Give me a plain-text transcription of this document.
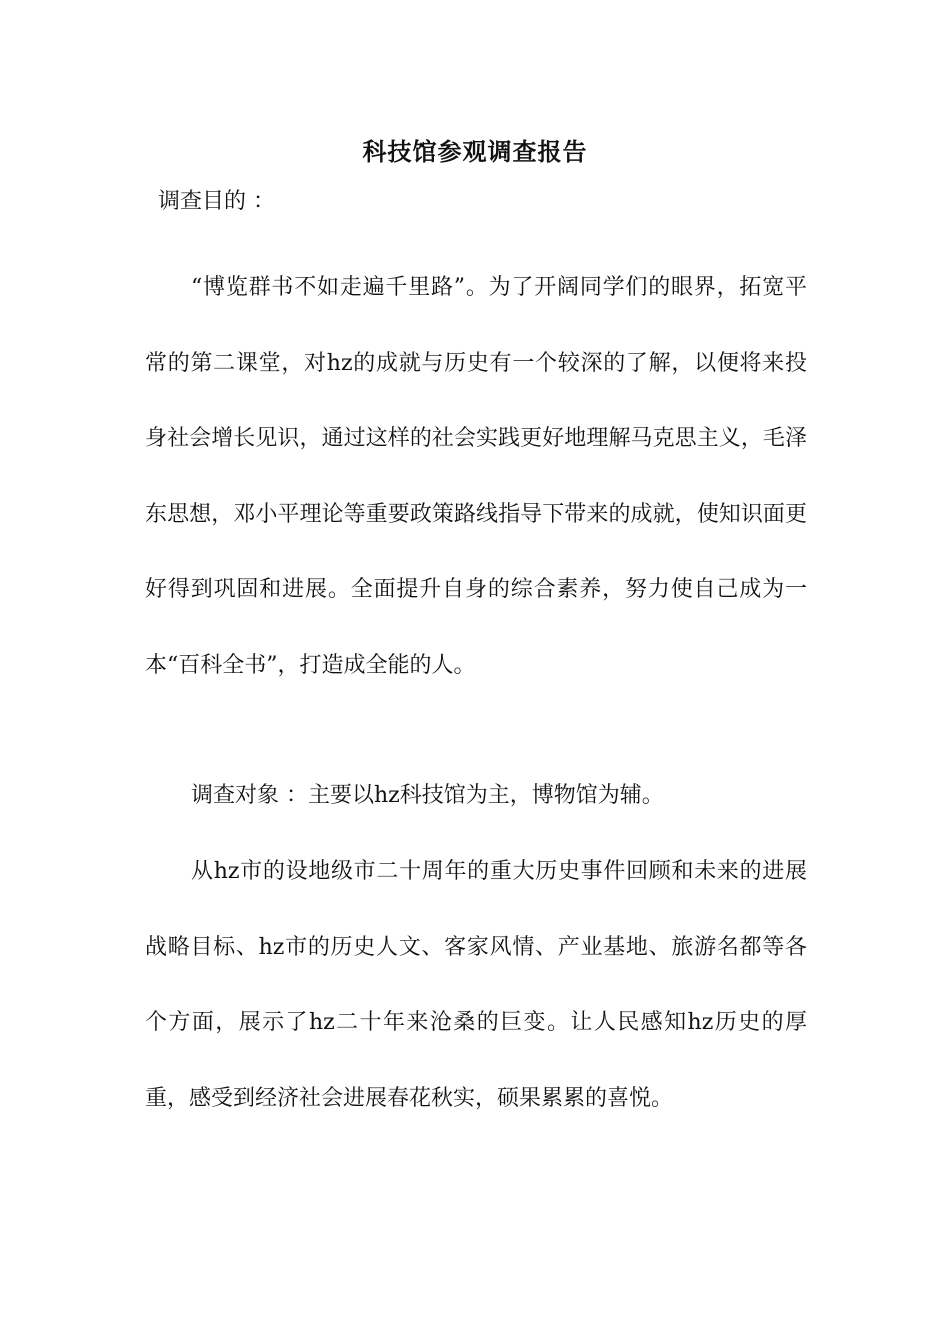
科技馆参观调查报告
调查目的 ：

“博览群书不如走遍千里路”。为了开阔同学们的眼界，拓宽平常的第二课堂，对hz的成就与历史有一个较深的了解，以便将来投身社会增长见识，通过这样的社会实践更好地理解马克思主义，毛泽东思想，邓小平理论等重要政策路线指导下带来的成就，使知识面更好得到巩固和进展。全面提升自身的综合素养，努力使自己成为一本“百科全书”，打造成全能的人。

调查对象 ：主要以hz科技馆为主，博物馆为辅。

从hz市的设地级市二十周年的重大历史事件回顾和未来的进展战略目标、hz市的历史人文、客家风情、产业基地、旅游名都等各个方面，展示了hz二十年来沧桑的巨变。让人民感知hz历史的厚重，感受到经济社会进展春花秋实，硕果累累的喜悦。
